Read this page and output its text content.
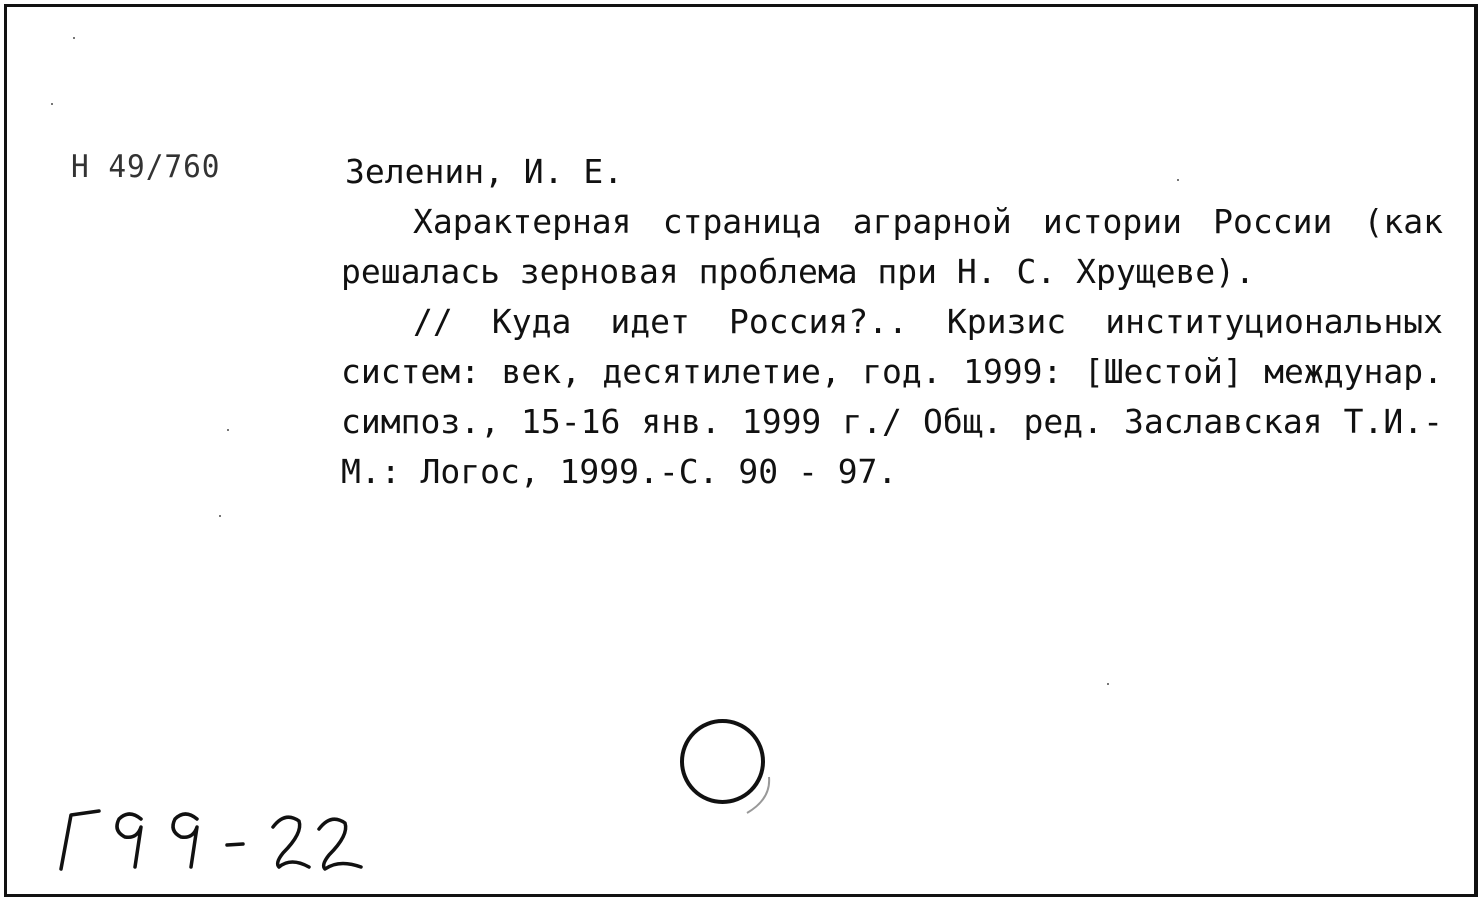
Н 49/760	Зеленин, И. Е.
Характерная страница аграрной истории России (как решалась зерновая проблема при Н. С. Хрущеве).
// Куда идет Россия?.. Кризис институциональных систем: век, десятилетие, год. 1999: [Шестой] междунар. симпоз., 15-16 янв. 1999 г./ Общ. ред. Заславская Т.И.- М.: Логос, 1999.-С. 90 - 97.
